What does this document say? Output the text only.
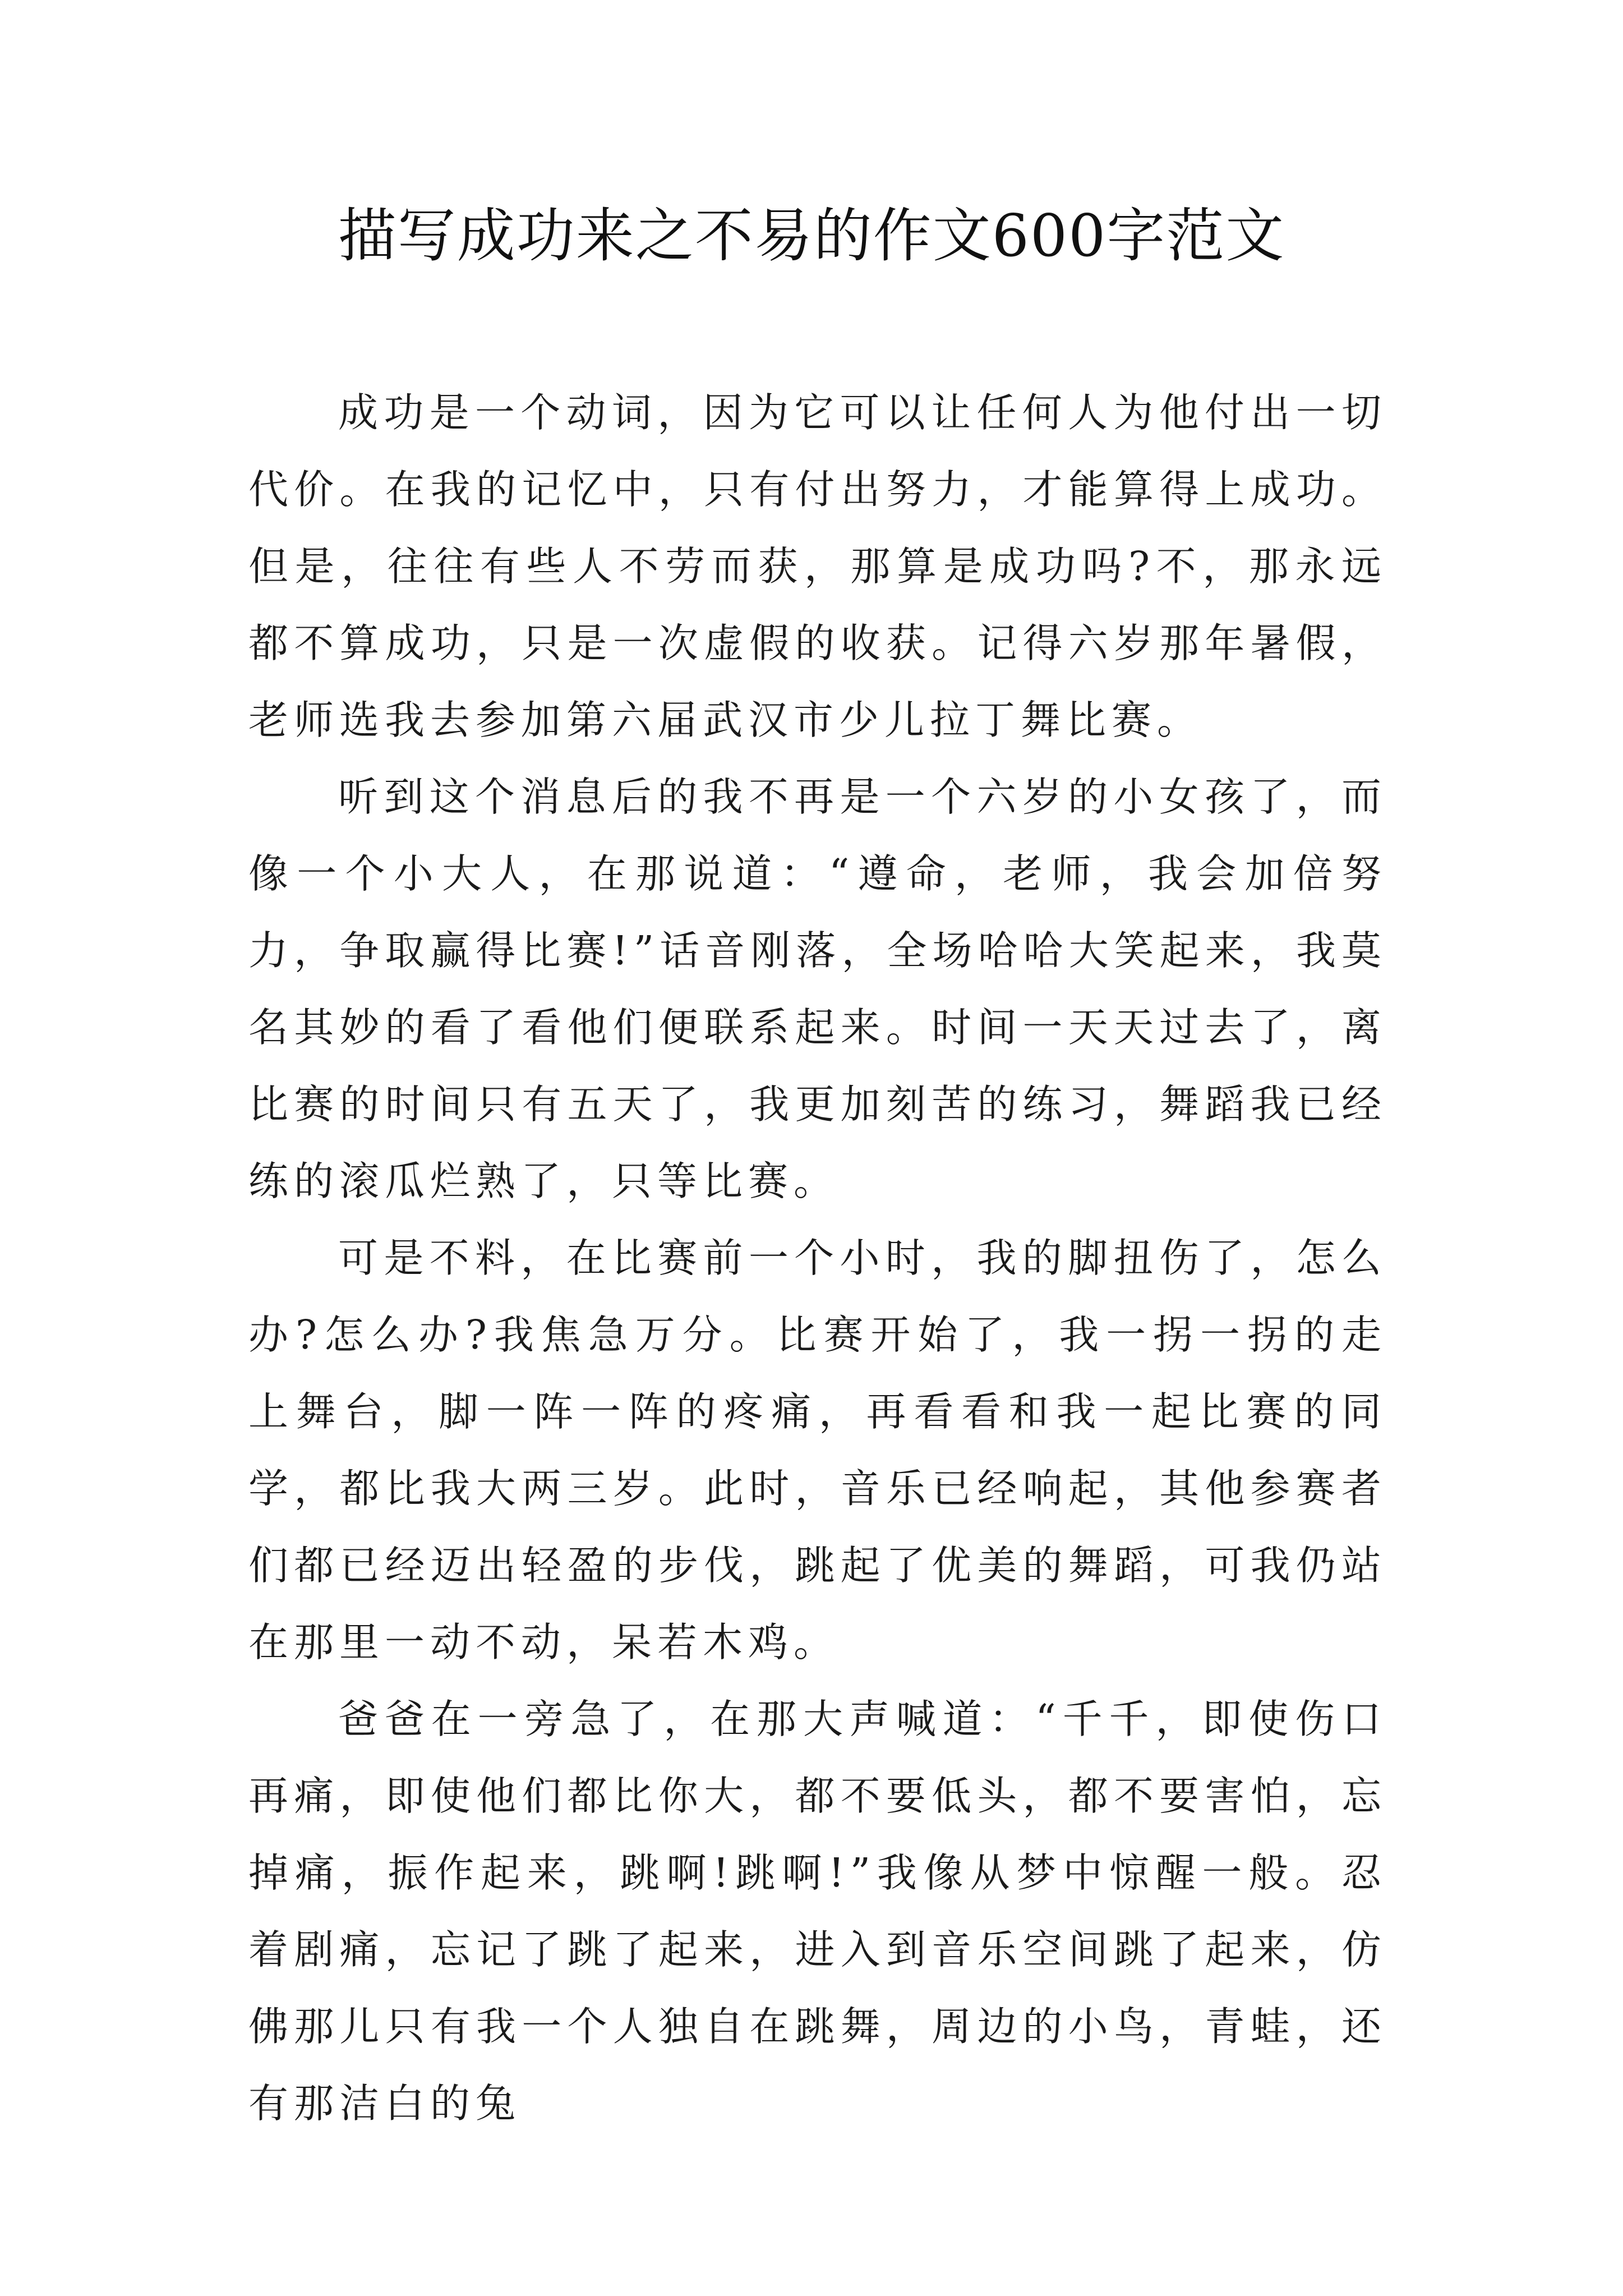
描写成功来之不易的作文600字范文

成功是一个动词，因为它可以让任何人为他付出一切代价。在我的记忆中，只有付出努力，才能算得上成功。但是，往往有些人不劳而获，那算是成功吗?不，那永远都不算成功，只是一次虚假的收获。记得六岁那年暑假，老师选我去参加第六届武汉市少儿拉丁舞比赛。

听到这个消息后的我不再是一个六岁的小女孩了，而像一个小大人，在那说道：“遵命，老师，我会加倍努力，争取赢得比赛!”话音刚落，全场哈哈大笑起来，我莫名其妙的看了看他们便联系起来。时间一天天过去了，离比赛的时间只有五天了，我更加刻苦的练习，舞蹈我已经练的滚瓜烂熟了，只等比赛。

可是不料，在比赛前一个小时，我的脚扭伤了，怎么办?怎么办?我焦急万分。比赛开始了，我一拐一拐的走上舞台，脚一阵一阵的疼痛，再看看和我一起比赛的同学，都比我大两三岁。此时，音乐已经响起，其他参赛者们都已经迈出轻盈的步伐，跳起了优美的舞蹈，可我仍站在那里一动不动，呆若木鸡。

爸爸在一旁急了，在那大声喊道：“千千，即使伤口再痛，即使他们都比你大，都不要低头，都不要害怕，忘掉痛，振作起来，跳啊!跳啊!”我像从梦中惊醒一般。忍着剧痛，忘记了跳了起来，进入到音乐空间跳了起来，仿佛那儿只有我一个人独自在跳舞，周边的小鸟，青蛙，还有那洁白的兔
